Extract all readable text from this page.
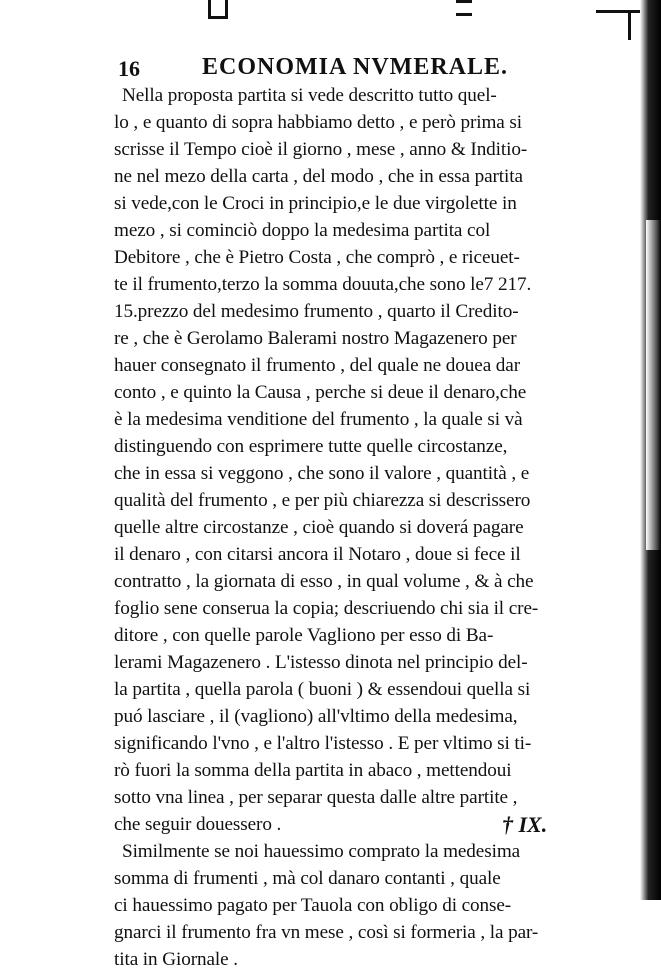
16	ECONOMIA NVMERALE.
Nella proposta partita si vede descritto tutto quel-
lo , e quanto di sopra habbiamo detto , e però prima si
scrisse il Tempo cioè il giorno , mese , anno & Inditio-
ne nel mezo della carta , del modo , che in essa partita
si vede,con le Croci in principio,e le due virgolette in
mezo , si cominciò doppo la medesima partita col
Debitore , che è Pietro Costa , che comprò , e riceuet-
te il frumento,terzo la somma douuta,che sono le7 217.
15.prezzo del medesimo frumento , quarto il Credito-
re , che è Gerolamo Balerami nostro Magazenero per
hauer consegnato il frumento , del quale ne douea dar
conto , e quinto la Causa , perche si deue il denaro,che
è la medesima venditione del frumento , la quale si và
distinguendo con esprimere tutte quelle circostanze,
che in essa si veggono , che sono il valore , quantità , e
qualità del frumento , e per più chiarezza si descrissero
quelle altre circostanze , cioè quando si doverá pagare
il denaro , con citarsi ancora il Notaro , doue si fece il
contratto , la giornata di esso , in qual volume , & à che
foglio sene conserua la copia; descriuendo chi sia il cre-
ditore , con quelle parole Vagliono per esso di Ba-
lerami Magazenero . L'istesso dinota nel principio del-
la partita , quella parola ( buoni ) & essendoui quella si
puó lasciare , il (vagliono) all'vltimo della medesima,
significando l'vno , e l'altro l'istesso . E per vltimo si ti-
rò fuori la somma della partita in abaco , mettendoui
sotto vna linea , per separar questa dalle altre partite ,
che seguir douessero .
Similmente se noi hauessimo comprato la medesima
somma di frumenti , mà col danaro contanti , quale
ci hauessimo pagato per Tauola con obligo di conse-
gnarci il frumento fra vn mese , così si formeria , la par-
tita in Giornale .
† IX.
